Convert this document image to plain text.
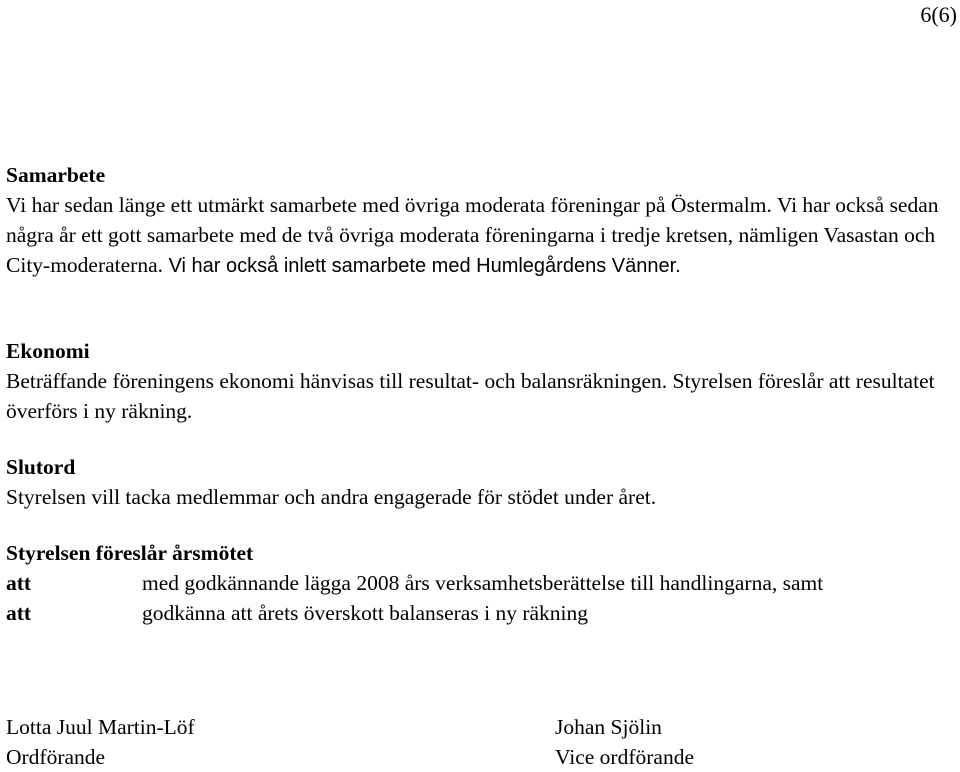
6(6)

Samarbete

Vi har sedan länge ett utmärkt samarbete med övriga moderata föreningar på Östermalm. Vi har också sedan några år ett gott samarbete med de två övriga moderata föreningarna i tredje kretsen, nämligen Vasastan och City-moderaterna. Vi har också inlett samarbete med Humlegårdens Vänner.

Ekonomi

Beträffande föreningens ekonomi hänvisas till resultat- och balansräkningen. Styrelsen föreslår att resultatet överförs i ny räkning.

Slutord

Styrelsen vill tacka medlemmar och andra engagerade för stödet under året.

Styrelsen föreslår årsmötet

att	med godkännande lägga 2008 års verksamhetsberättelse till handlingarna, samt
att	godkänna att årets överskott balanseras i ny räkning
Lotta Juul Martin-Löf
Ordförande
Johan Sjölin
Vice ordförande
